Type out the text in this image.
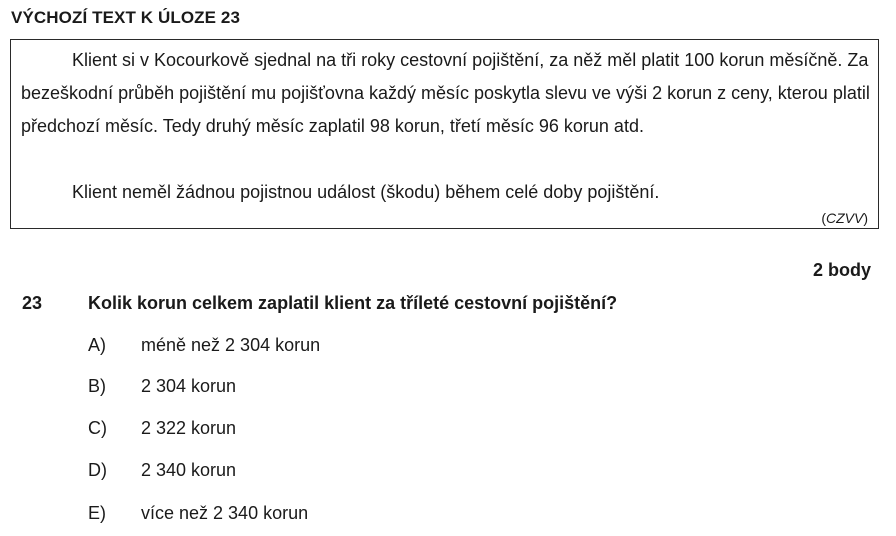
VÝCHOZÍ TEXT K ÚLOZE 23

Klient si v Kocourkově sjednal na tři roky cestovní pojištění, za něž měl platit 100 korun měsíčně. Za bezeškodní průběh pojištění mu pojišťovna každý měsíc poskytla slevu ve výši 2 korun z ceny, kterou platil předchozí měsíc. Tedy druhý měsíc zaplatil 98 korun, třetí měsíc 96 korun atd.

Klient neměl žádnou pojistnou událost (škodu) během celé doby pojištění.

(CZVV)
2 body
23	Kolik korun celkem zaplatil klient za tříleté cestovní pojištění?
A) méně než 2 304 korun
B) 2 304 korun
C) 2 322 korun
D) 2 340 korun
E) více než 2 340 korun
